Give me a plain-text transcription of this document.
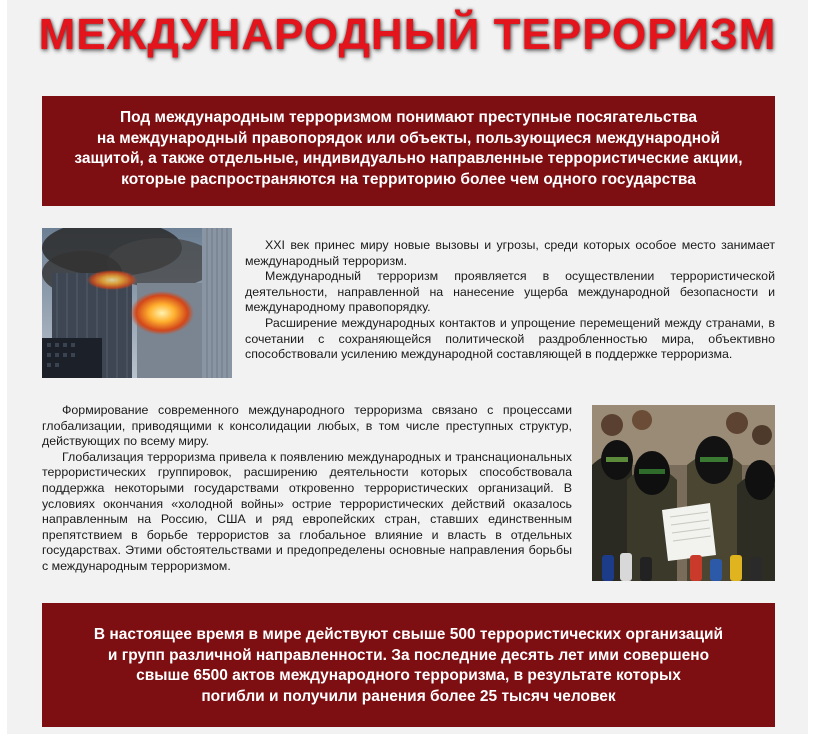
МЕЖДУНАРОДНЫЙ ТЕРРОРИЗМ
Под международным терроризмом понимают преступные посягательства
на международный правопорядок или объекты, пользующиеся международной
защитой, а также отдельные, индивидуально направленные террористические акции,
которые распространяются на территорию более чем одного государства

XXI век принес миру новые вызовы и угрозы, среди которых особое место занимает международный терроризм.

Международный терроризм проявляется в осуществлении террористической деятельности, направленной на нанесение ущерба международной безопасности и международному правопорядку.

Расширение международных контактов и упрощение перемещений между странами, в сочетании с сохраняющейся политической раздробленностью мира, объективно способствовали усилению международной составляющей в поддержке терроризма.

Формирование современного международного терроризма связано с процессами глобализации, приводящими к консолидации любых, в том числе преступных структур, действующих по всему миру.

Глобализация терроризма привела к появлению международных и транснациональных террористических группировок, расширению деятельности которых способствовала поддержка некоторыми государствами откровенно террористических организаций. В условиях окончания «холодной войны» острие террористических действий оказалось направленным на Россию, США и ряд европейских стран, ставших единственным препятствием в борьбе террористов за глобальное влияние и власть в отдельных государствах. Этими обстоятельствами и предопределены основные направления борьбы с международным терроризмом.

В настоящее время в мире действуют свыше 500 террористических организаций
и групп различной направленности. За последние десять лет ими совершено
свыше 6500 актов международного терроризма, в результате которых
погибли и получили ранения более 25 тысяч человек
